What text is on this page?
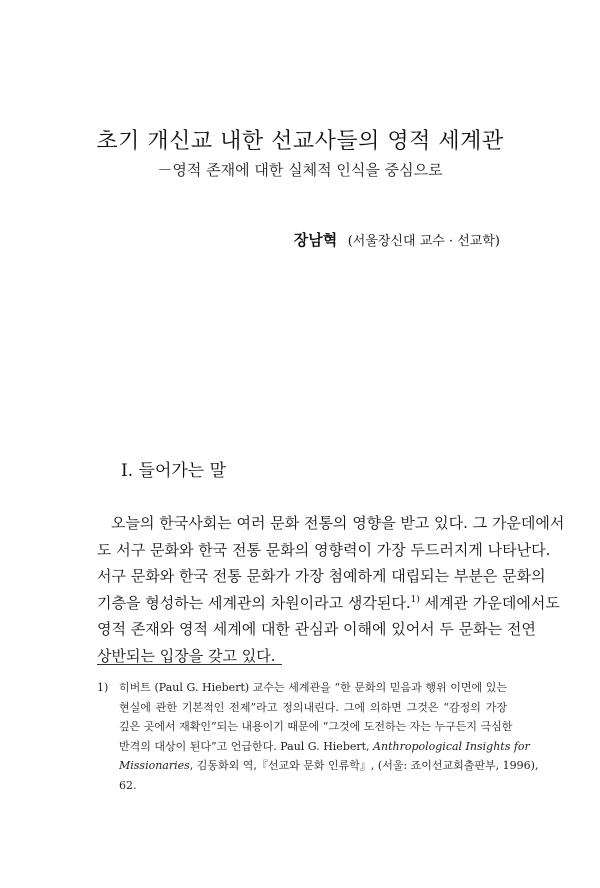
초기 개신교 내한 선교사들의 영적 세계관
－영적 존재에 대한 실체적 인식을 중심으로
장남혁 (서울장신대 교수 · 선교학)
I. 들어가는 말
오늘의 한국사회는 여러 문화 전통의 영향을 받고 있다. 그 가운데에서
도 서구 문화와 한국 전통 문화의 영향력이 가장 두드러지게 나타난다.
서구 문화와 한국 전통 문화가 가장 첨예하게 대립되는 부분은 문화의
기층을 형성하는 세계관의 차원이라고 생각된다.$^{1)}$ 세계관 가운데에서도
영적 존재와 영적 세계에 대한 관심과 이해에 있어서 두 문화는 전연
상반되는 입장을 갖고 있다.
1) 히버트 (Paul G. Hiebert) 교수는 세계관을 “한 문화의 믿음과 행위 이면에 있는
현실에 관한 기본적인 전제”라고 정의내린다. 그에 의하면 그것은 “감정의 가장
깊은 곳에서 재확인”되는 내용이기 때문에 “그것에 도전하는 자는 누구든지 극심한
반격의 대상이 된다”고 언급한다. Paul G. Hiebert, Anthropological Insights for
Missionaries, 김동화외 역,『선교와 문화 인류학』, (서울: 죠이선교회출판부, 1996),
62.
